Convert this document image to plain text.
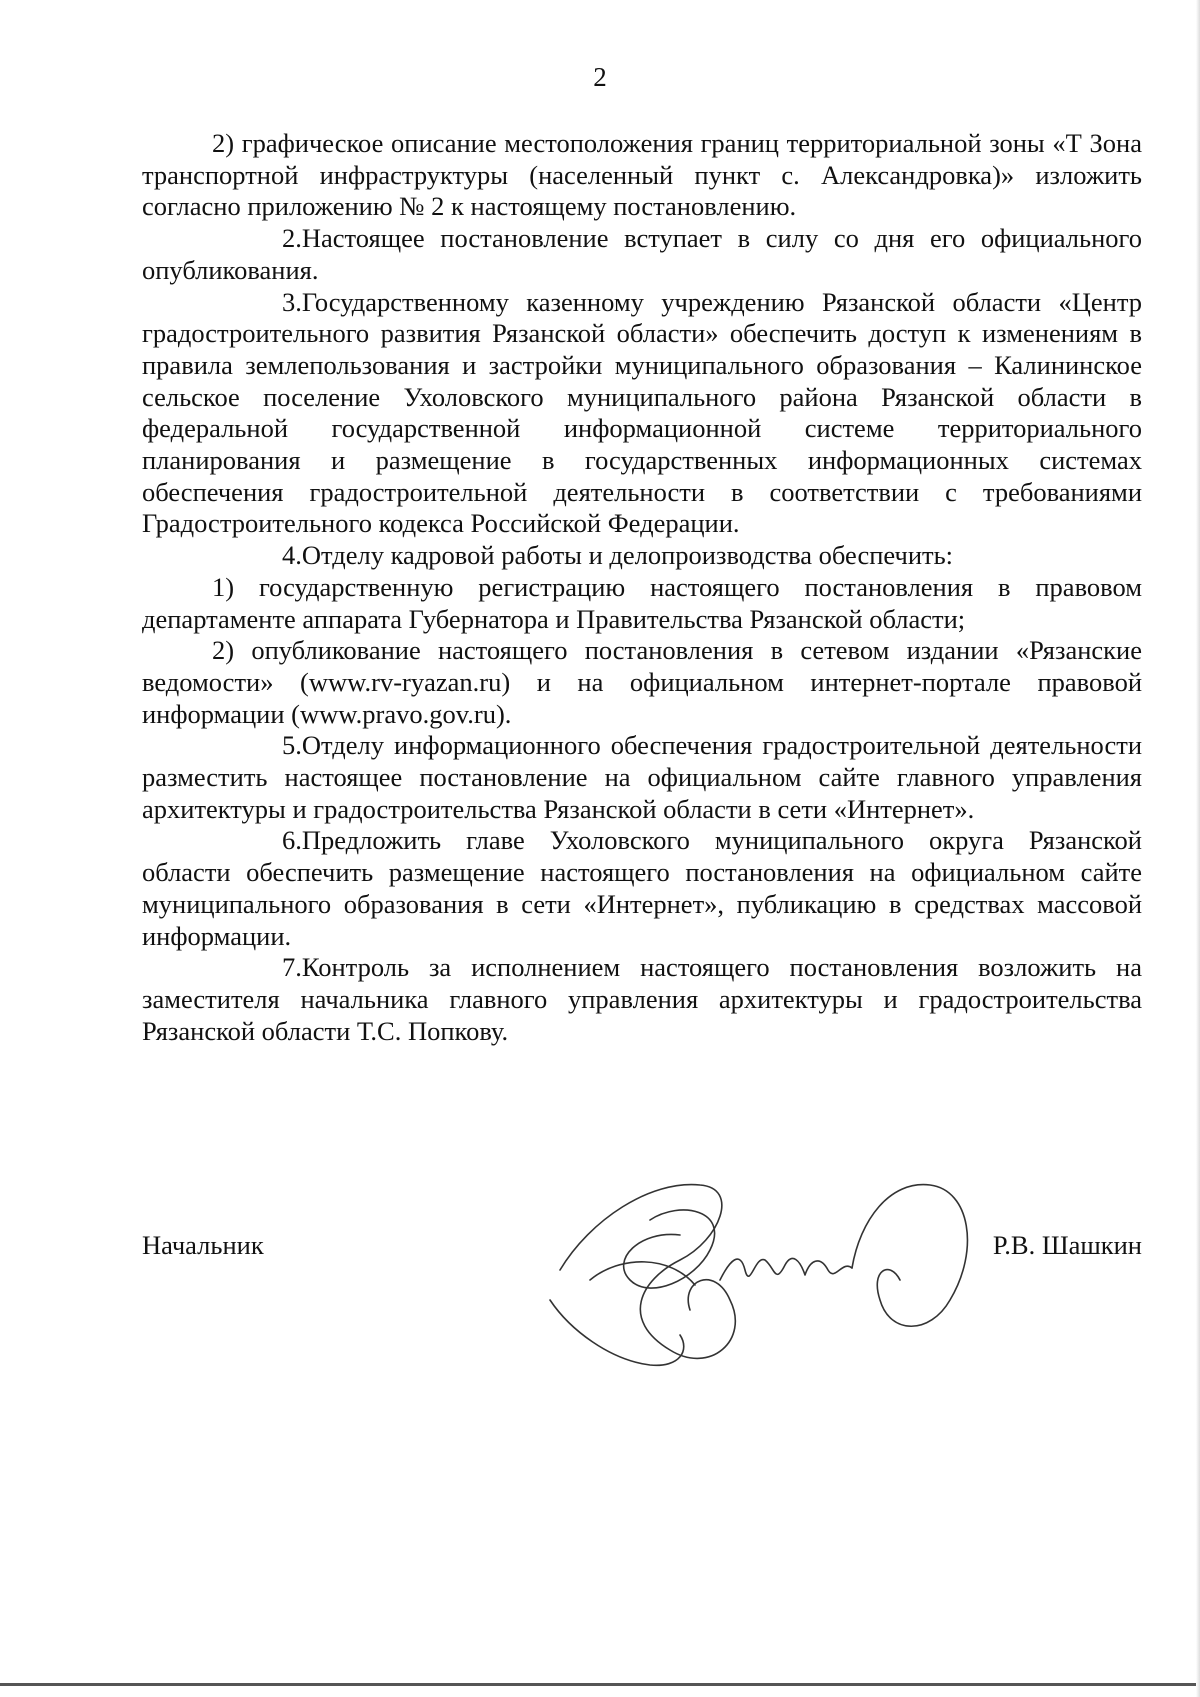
2

2) графическое описание местоположения границ территориальной зоны «Т Зона транспортной инфраструктуры (населенный пункт с. Александровка)» изложить согласно приложению № 2 к настоящему постановлению.

2.Настоящее постановление вступает в силу со дня его официального опубликования.

3.Государственному казенному учреждению Рязанской области «Центр градостроительного развития Рязанской области» обеспечить доступ к изменениям в правила землепользования и застройки муниципального образования – Калининское сельское поселение Ухоловского муниципального района Рязанской области в федеральной государственной информационной системе территориального планирования и размещение в государственных информационных системах обеспечения градостроительной деятельности в соответствии с требованиями Градостроительного кодекса Российской Федерации.

4.Отделу кадровой работы и делопроизводства обеспечить:

1) государственную регистрацию настоящего постановления в правовом департаменте аппарата Губернатора и Правительства Рязанской области;

2) опубликование настоящего постановления в сетевом издании «Рязанские ведомости» (www.rv-ryazan.ru) и на официальном интернет-портале правовой информации (www.pravo.gov.ru).

5.Отделу информационного обеспечения градостроительной деятельности разместить настоящее постановление на официальном сайте главного управления архитектуры и градостроительства Рязанской области в сети «Интернет».

6.Предложить главе Ухоловского муниципального округа Рязанской области обеспечить размещение настоящего постановления на официальном сайте муниципального образования в сети «Интернет», публикацию в средствах массовой информации.

7.Контроль за исполнением настоящего постановления возложить на заместителя начальника главного управления архитектуры и градостроительства Рязанской области Т.С. Попкову.

Начальник	Р.В. Шашкин
